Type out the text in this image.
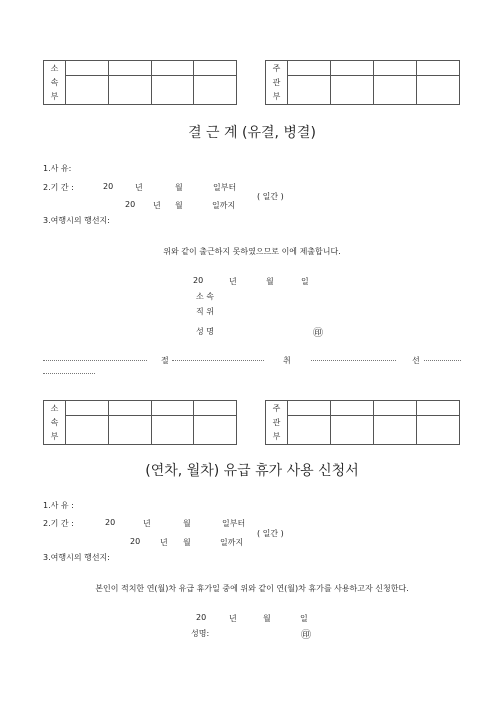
소
속
부				

주
관
부				

결 근 계 (유결, 병결)
1.사 유:
2.기 간 :	20	년	월	일부터
( 일간 )
20 년 월	일까지
3.여행시의 행선지:
위와 같이 출근하지 못하였으므로 이에 제출합니다.
20	년	월	일
소 속
직 위
성 명	㊞
절	취	선
소
속
부				

주
관
부				

(연차, 월차) 유급 휴가 사용 신청서
1.사 유 :
2.기 간 :	20	년	월	일부터
( 일간 )
20 년 월	일까지
3.여행시의 행선지:
본인이 적치한 연(월)차 유급 휴가일 중에 위와 같이 연(월)차 휴가를 사용하고자 신청한다.
20	년	월	일
성명:	㊞
